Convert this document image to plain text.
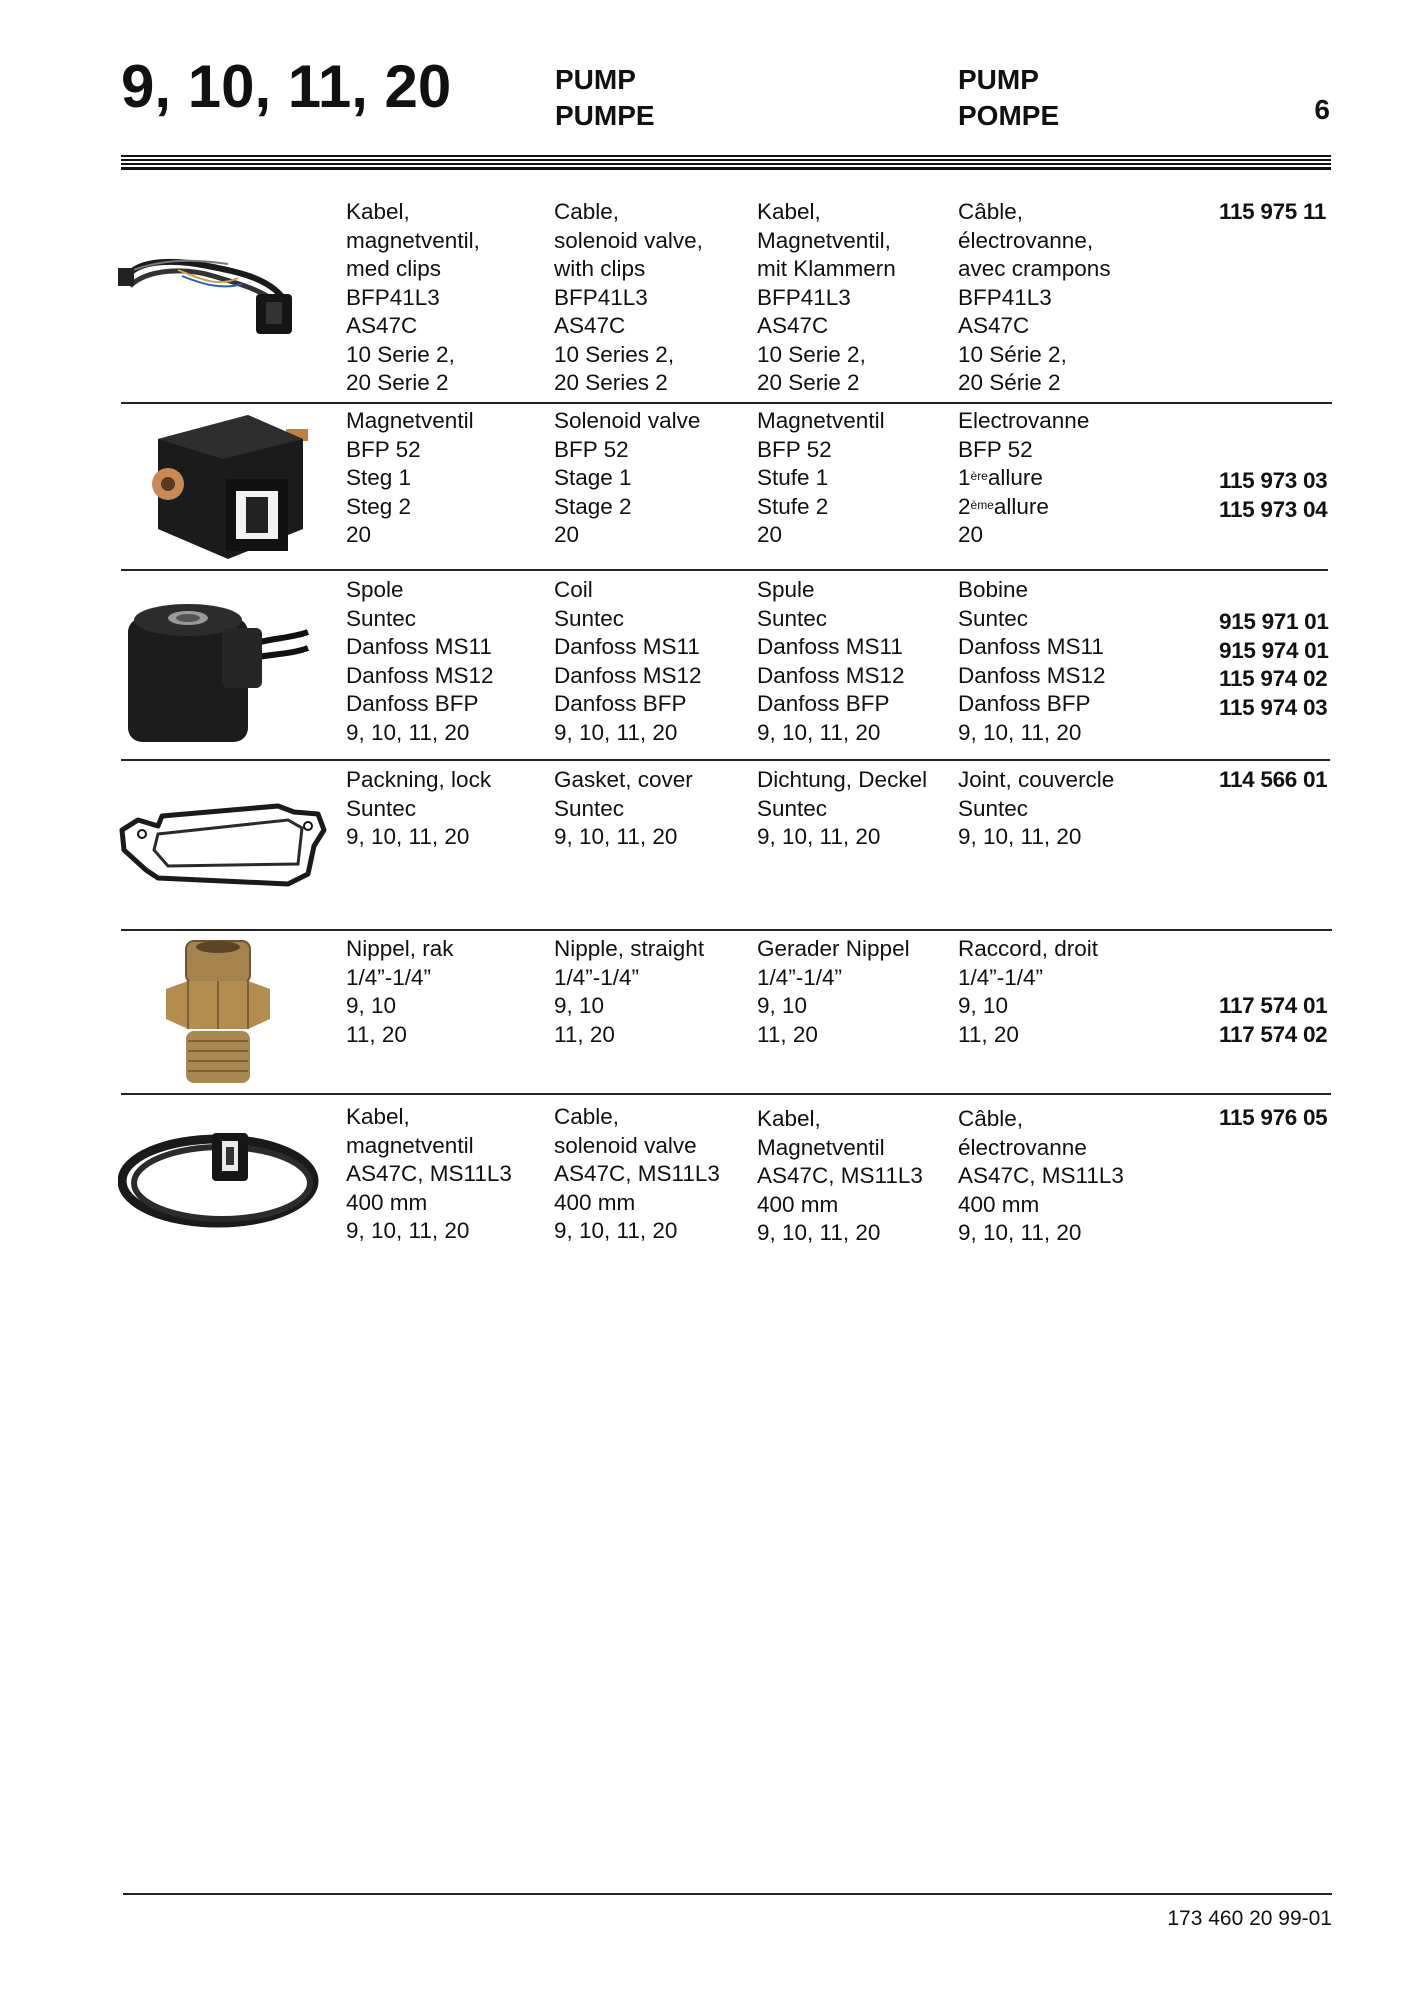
9, 10, 11, 20	PUMP
PUMPE
PUMP
POMPE	6
Kabel,
magnetventil,
med clips
BFP41L3
AS47C
10 Serie 2,
20 Serie 2
Cable,
solenoid valve,
with clips
BFP41L3
AS47C
10 Series 2,
20 Series 2
Kabel,
Magnetventil,
mit Klammern
BFP41L3
AS47C
10 Serie 2,
20 Serie 2
Câble,
électrovanne,
avec crampons
BFP41L3
AS47C
10 Série 2,
20 Série 2
115 975 11
Magnetventil
BFP 52
Steg 1
Steg 2
20
Solenoid valve
BFP 52
Stage 1
Stage 2
20
Magnetventil
BFP 52
Stufe 1
Stufe 2
20
Electrovanne
BFP 52
1èreallure
2èmeallure
20
115 973 03
115 973 04
Spole
Suntec
Danfoss MS11
Danfoss MS12
Danfoss BFP
9, 10, 11, 20
Coil
Suntec
Danfoss MS11
Danfoss MS12
Danfoss BFP
9, 10, 11, 20
Spule
Suntec
Danfoss MS11
Danfoss MS12
Danfoss BFP
9, 10, 11, 20
Bobine
Suntec
Danfoss MS11
Danfoss MS12
Danfoss BFP
9, 10, 11, 20
915 971 01
915 974 01
115 974 02
115 974 03
Packning, lock
Suntec
9, 10, 11, 20
Gasket, cover
Suntec
9, 10, 11, 20
Dichtung, Deckel
Suntec
9, 10, 11, 20
Joint, couvercle
Suntec
9, 10, 11, 20
114 566 01
Nippel, rak
1/4”-1/4”
9, 10
11, 20
Nipple, straight
1/4”-1/4”
9, 10
11, 20
Gerader Nippel
1/4”-1/4”
9, 10
11, 20
Raccord, droit
1/4”-1/4”
9, 10
11, 20
117 574 01
117 574 02
Kabel,
magnetventil
AS47C, MS11L3
400 mm
9, 10, 11, 20
Cable,
solenoid valve
AS47C, MS11L3
400 mm
9, 10, 11, 20
Kabel,
Magnetventil
AS47C, MS11L3
400 mm
9, 10, 11, 20
Câble,
électrovanne
AS47C, MS11L3
400 mm
9, 10, 11, 20
115 976 05
173 460 20 99-01
